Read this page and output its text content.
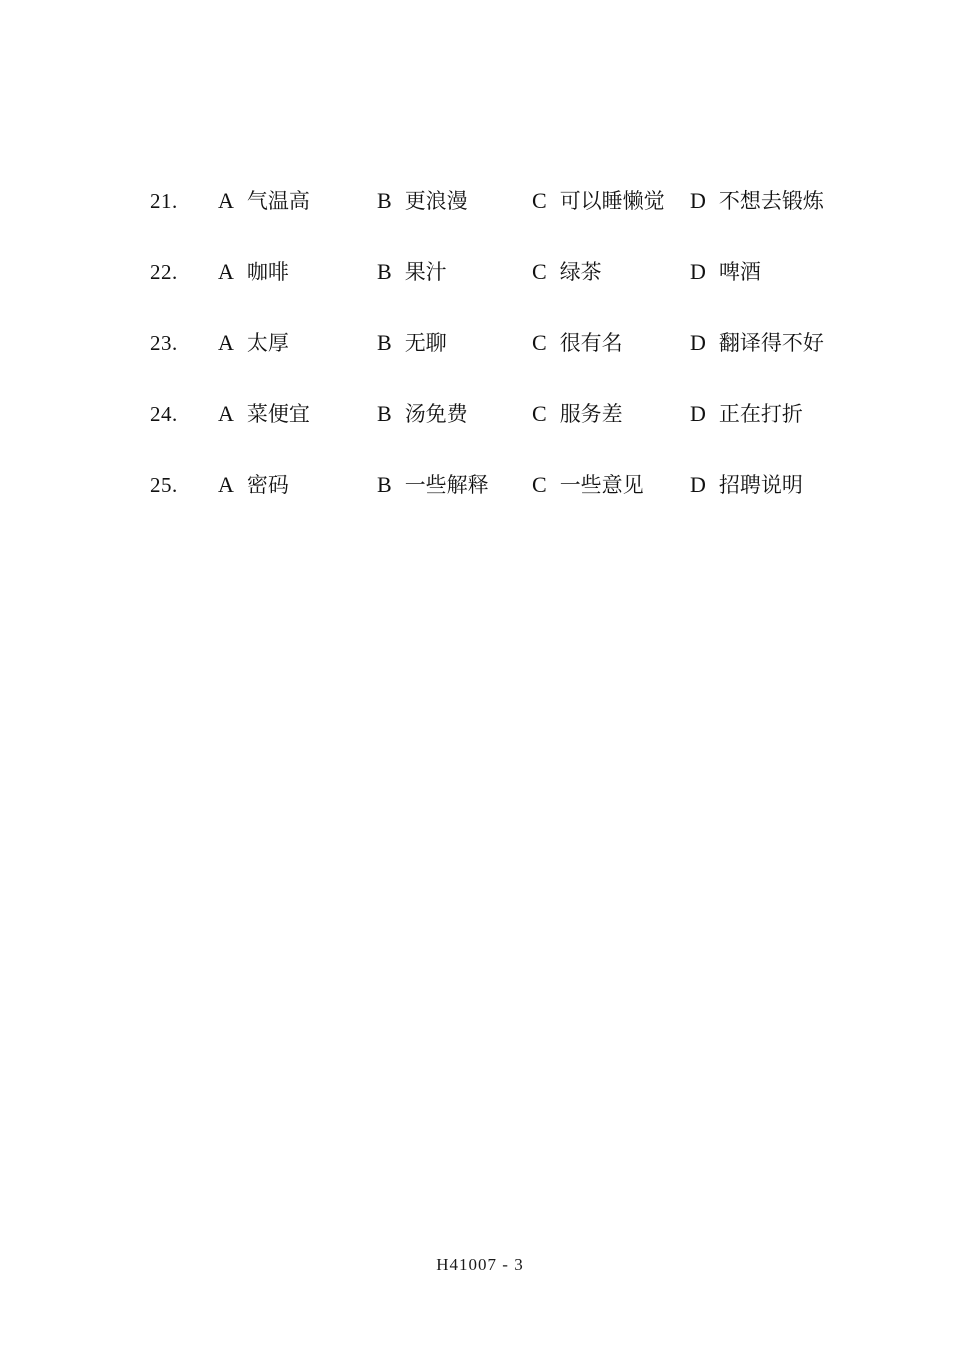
21.	A 气温高	B 更浪漫	C 可以睡懒觉 D 不想去锻炼
22.	A 咖啡	B 果汁	C 绿茶	D 啤酒
23.	A 太厚	B 无聊	C 很有名	D 翻译得不好
24.	A 菜便宜	B 汤免费	C 服务差	D 正在打折
25.	A 密码	B 一些解释 C 一些意见 D 招聘说明
H41007 - 3
